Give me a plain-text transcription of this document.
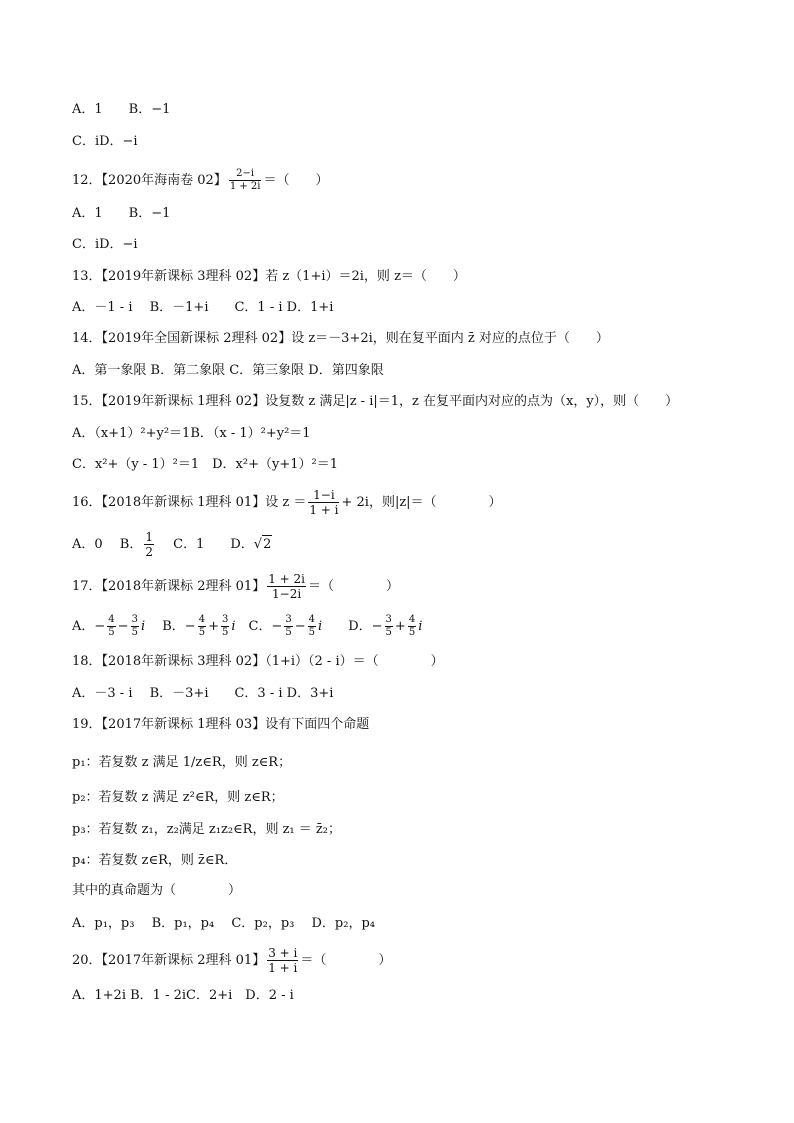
A．1　　B．−1
C．iD．−i
12．【2020年海南卷 02】 $\frac{2-i}{1 + 2i}$ ＝（　　）
A．1　　B．−1
C．iD．−i
13．【2019年新课标 3理科 02】若 z（1+i）＝2i，则 z＝（　　）
A．－1 - i　 B．－1+i　　C．1 - i D．1+i
14．【2019年全国新课标 2理科 02】设 z＝－3+2i，则在复平面内 z̄ 对应的点位于（　　）
A．第一象限 B．第二象限 C．第三象限 D．第四象限
15．【2019年新课标 1理科 02】设复数 z 满足|z - i|＝1，z 在复平面内对应的点为（x，y），则（　　）
A．（x+1）²+y²＝1B．（x - 1）²+y²＝1
C．x²+（y - 1）²＝1　D．x²+（y+1）²＝1
16．【2018年新课标 1理科 01】设 $z = \frac{1-i}{1 + i} + 2i$，则|z|＝（　　　　）
A．0　 B． $\frac{1}{2}$ 　 C．1　　D．√2
17．【2018年新课标 2理科 01】 $\frac{1 + 2i}{1-2i}$ ＝（　　　　）
A．− $\frac{4}{5} - \frac{3}{5}$ i　 B．− $\frac{4}{5} + \frac{3}{5}$ i　C．− $\frac{3}{5} - \frac{4}{5}$ i　　D．− $\frac{3}{5} + \frac{4}{5}$ i
18．【2018年新课标 3理科 02】（1+i）（2 - i）＝（　　　　）
A．－3 - i　 B．－3+i　　C．3 - i D．3+i
19．【2017年新课标 1理科 03】设有下面四个命题
p₁：若复数 z 满足 1/z∈R，则 z∈R；
p₂：若复数 z 满足 z²∈R，则 z∈R；
p₃：若复数 z₁，z₂满足 z₁z₂∈R，则 z₁ ＝ z̄₂；
p₄：若复数 z∈R，则 z̄∈R．
其中的真命题为（　　　　）
A．p₁，p₃　 B．p₁，p₄　 C．p₂，p₃　 D．p₂，p₄
20．【2017年新课标 2理科 01】 $\frac{3 + i}{1 + i}$ ＝（　　　　）
A．1+2i B．1 - 2iC．2+i　D．2 - i
